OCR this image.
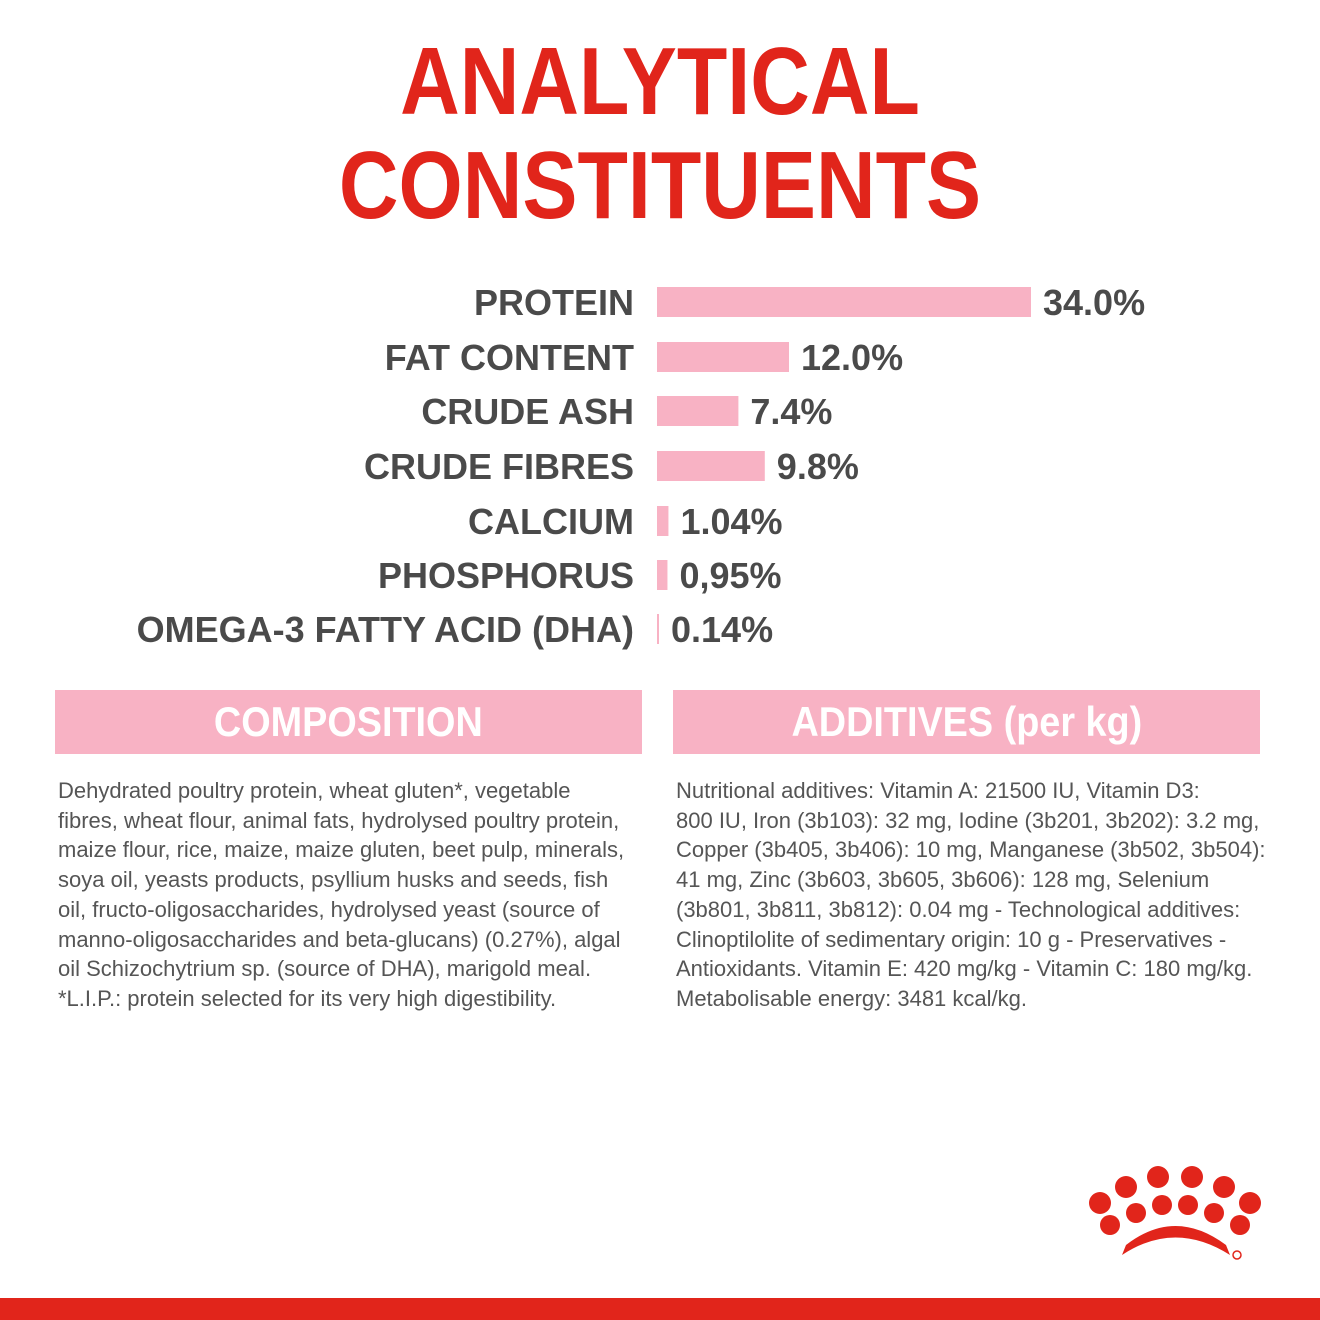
ANALYTICAL
CONSTITUENTS
PROTEIN	34.0%
FAT CONTENT	12.0%
CRUDE ASH	7.4%
CRUDE FIBRES	9.8%
CALCIUM 1.04%
PHOSPHORUS 0,95%
OMEGA-3 FATTY ACID (DHA) 0.14%
COMPOSITION	ADDITIVES (per kg)

Dehydrated poultry protein, wheat gluten*, vegetable

fibres, wheat flour, animal fats, hydrolysed poultry protein,

maize flour, rice, maize, maize gluten, beet pulp, minerals,

soya oil, yeasts products, psyllium husks and seeds, fish

oil, fructo-oligosaccharides, hydrolysed yeast (source of

manno-oligosaccharides and beta-glucans) (0.27%), algal

oil Schizochytrium sp. (source of DHA), marigold meal.

*L.I.P.: protein selected for its very high digestibility.

Nutritional additives: Vitamin A: 21500 IU, Vitamin D3:

800 IU, Iron (3b103): 32 mg, Iodine (3b201, 3b202): 3.2 mg,

Copper (3b405, 3b406): 10 mg, Manganese (3b502, 3b504):

41 mg, Zinc (3b603, 3b605, 3b606): 128 mg, Selenium

(3b801, 3b811, 3b812): 0.04 mg - Technological additives:

Clinoptilolite of sedimentary origin: 10 g - Preservatives -

Antioxidants. Vitamin E: 420 mg/kg - Vitamin C: 180 mg/kg.

Metabolisable energy: 3481 kcal/kg.
